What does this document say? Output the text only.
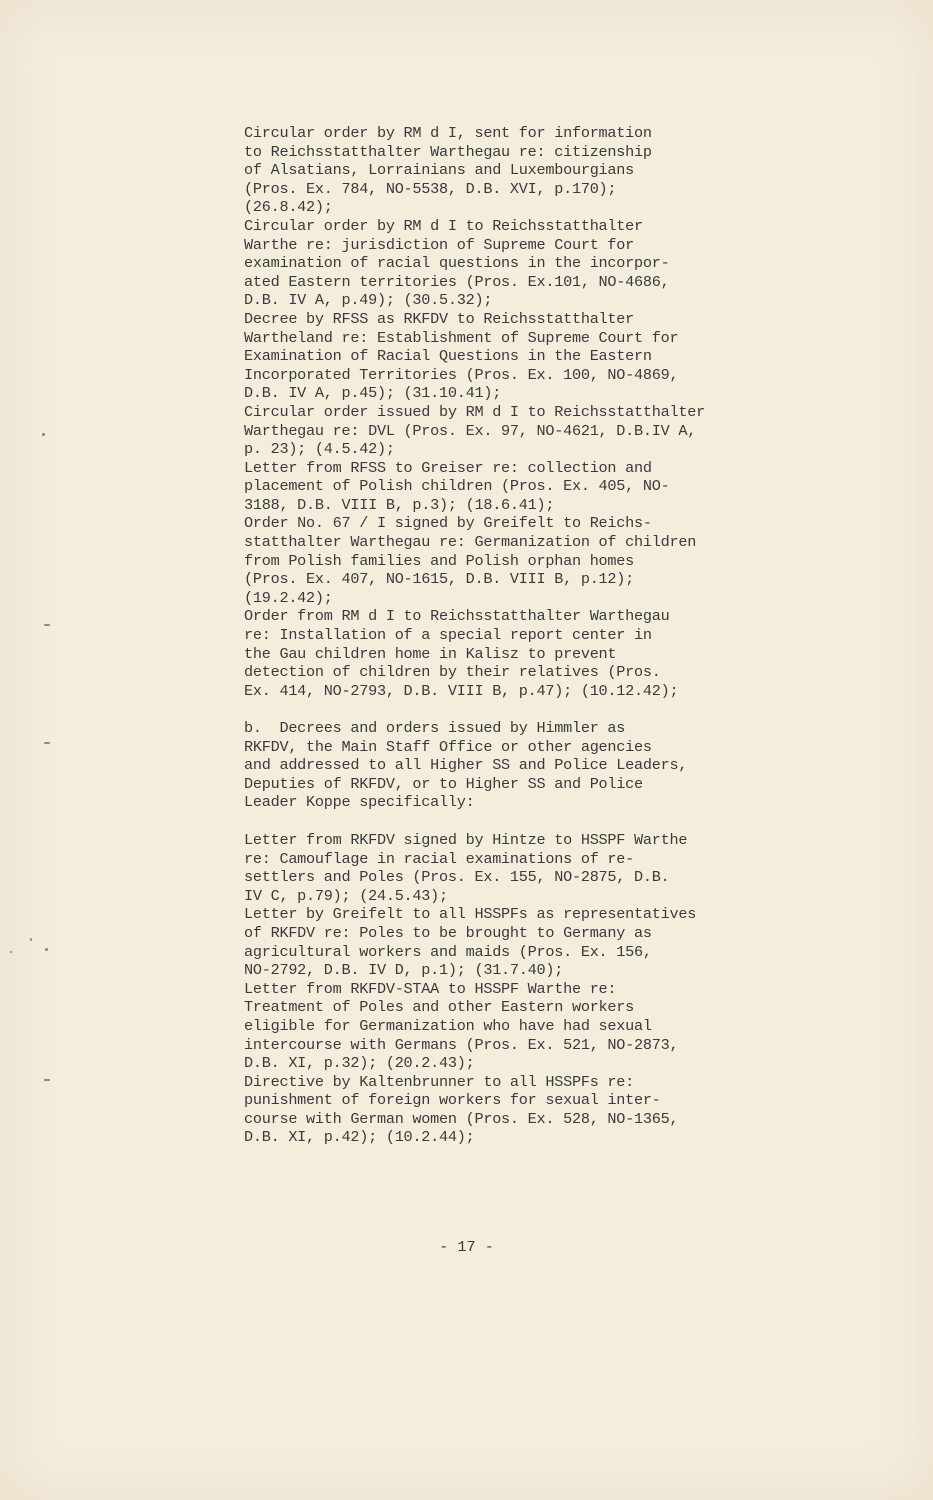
Circular order by RM d I, sent for information
to Reichsstatthalter Warthegau re: citizenship
of Alsatians, Lorrainians and Luxembourgians
(Pros. Ex. 784, NO-5538, D.B. XVI, p.170);
(26.8.42);
Circular order by RM d I to Reichsstatthalter
Warthe re: jurisdiction of Supreme Court for
examination of racial questions in the incorpor-
ated Eastern territories (Pros. Ex.101, NO-4686,
D.B. IV A, p.49); (30.5.32);
Decree by RFSS as RKFDV to Reichsstatthalter
Wartheland re: Establishment of Supreme Court for
Examination of Racial Questions in the Eastern
Incorporated Territories (Pros. Ex. 100, NO-4869,
D.B. IV A, p.45); (31.10.41);
Circular order issued by RM d I to Reichsstatthalter
Warthegau re: DVL (Pros. Ex. 97, NO-4621, D.B.IV A,
p. 23); (4.5.42);
Letter from RFSS to Greiser re: collection and
placement of Polish children (Pros. Ex. 405, NO-
3188, D.B. VIII B, p.3); (18.6.41);
Order No. 67 / I signed by Greifelt to Reichs-
statthalter Warthegau re: Germanization of children
from Polish families and Polish orphan homes
(Pros. Ex. 407, NO-1615, D.B. VIII B, p.12);
(19.2.42);
Order from RM d I to Reichsstatthalter Warthegau
re: Installation of a special report center in
the Gau children home in Kalisz to prevent
detection of children by their relatives (Pros.
Ex. 414, NO-2793, D.B. VIII B, p.47); (10.12.42);
b.  Decrees and orders issued by Himmler as
RKFDV, the Main Staff Office or other agencies
and addressed to all Higher SS and Police Leaders,
Deputies of RKFDV, or to Higher SS and Police
Leader Koppe specifically:
Letter from RKFDV signed by Hintze to HSSPF Warthe
re: Camouflage in racial examinations of re-
settlers and Poles (Pros. Ex. 155, NO-2875, D.B.
IV C, p.79); (24.5.43);
Letter by Greifelt to all HSSPFs as representatives
of RKFDV re: Poles to be brought to Germany as
agricultural workers and maids (Pros. Ex. 156,
NO-2792, D.B. IV D, p.1); (31.7.40);
Letter from RKFDV-STAA to HSSPF Warthe re:
Treatment of Poles and other Eastern workers
eligible for Germanization who have had sexual
intercourse with Germans (Pros. Ex. 521, NO-2873,
D.B. XI, p.32); (20.2.43);
Directive by Kaltenbrunner to all HSSPFs re:
punishment of foreign workers for sexual inter-
course with German women (Pros. Ex. 528, NO-1365,
D.B. XI, p.42); (10.2.44);
- 17 -
